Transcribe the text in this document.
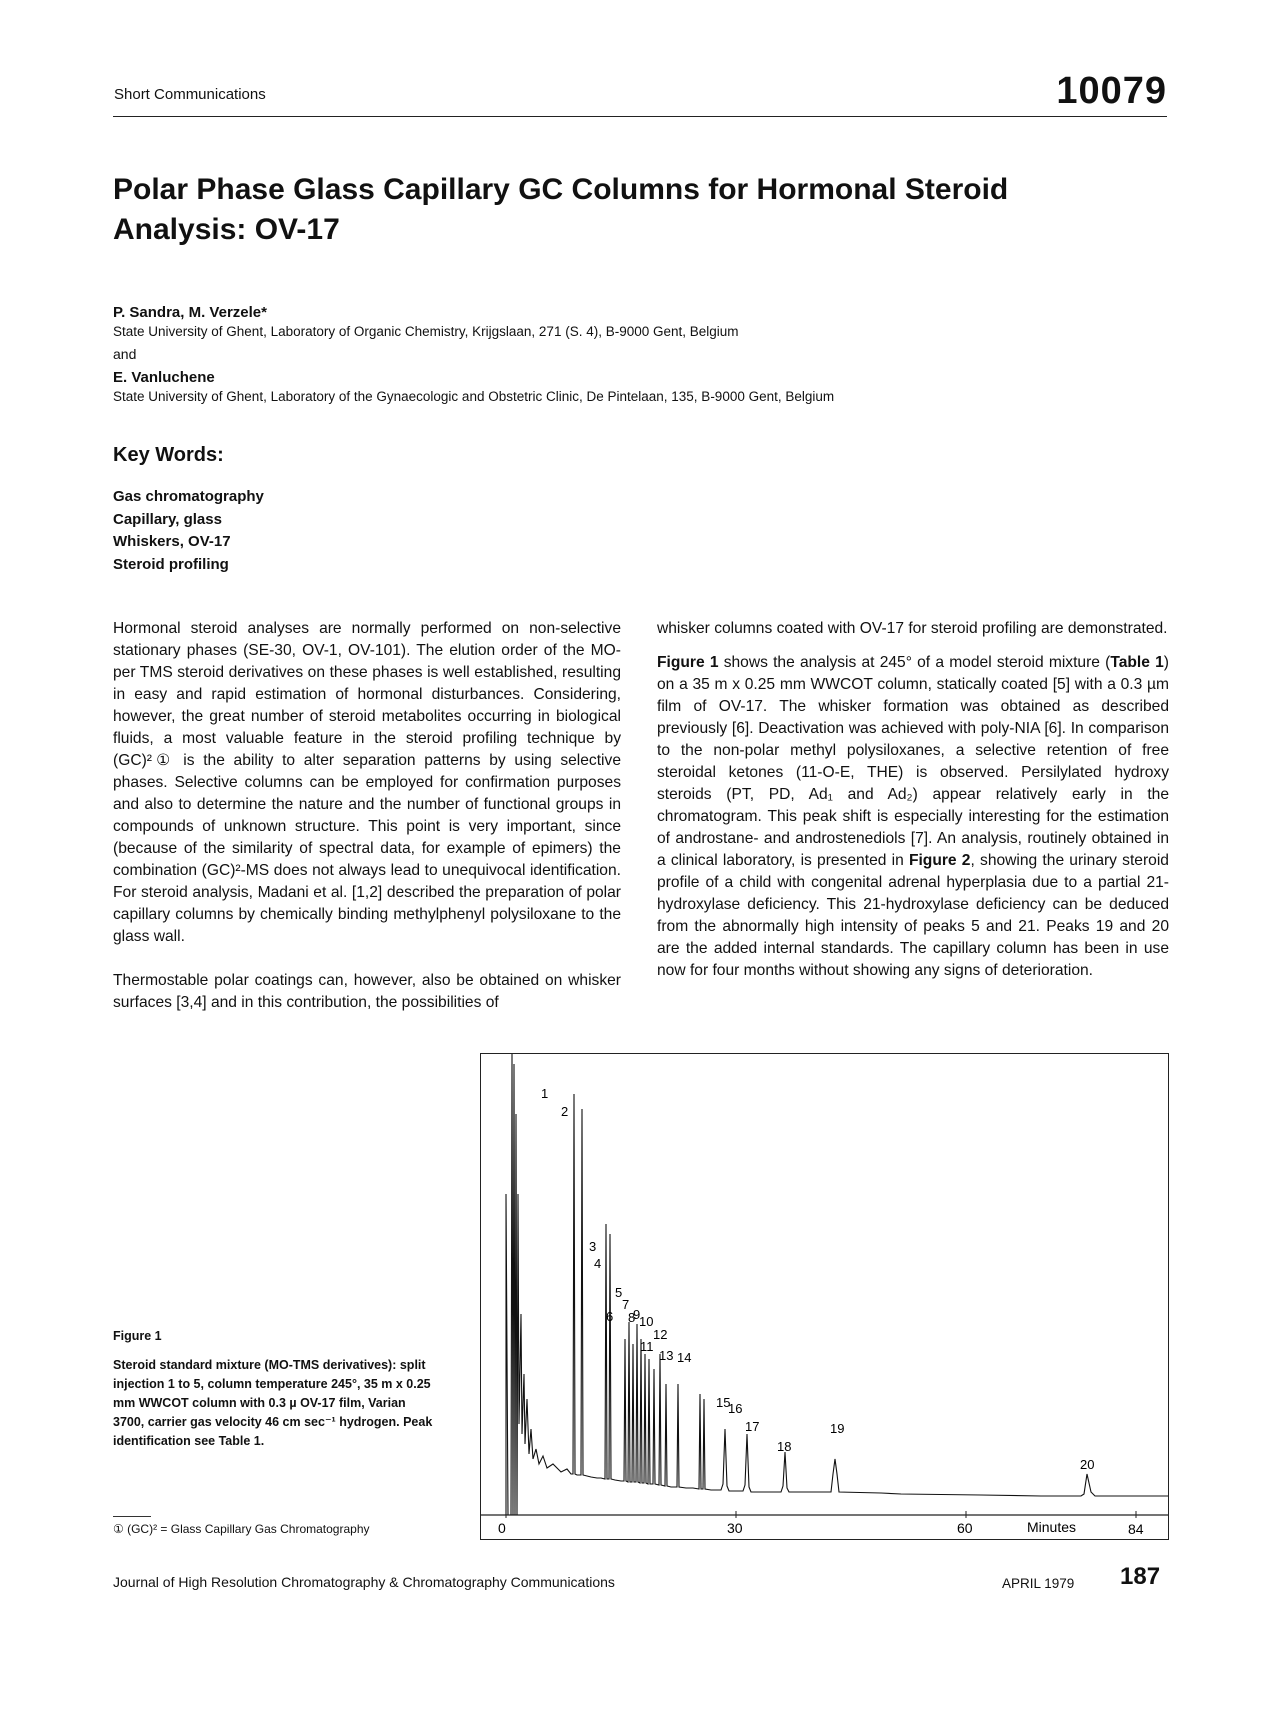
Short Communications	10079
Polar Phase Glass Capillary GC Columns for Hormonal Steroid Analysis: OV-17
P. Sandra, M. Verzele*
State University of Ghent, Laboratory of Organic Chemistry, Krijgslaan, 271 (S. 4), B-9000 Gent, Belgium
and
E. Vanluchene
State University of Ghent, Laboratory of the Gynaecologic and Obstetric Clinic, De Pintelaan, 135, B-9000 Gent, Belgium
Key Words:
Gas chromatography
Capillary, glass
Whiskers, OV-17
Steroid profiling

Hormonal steroid analyses are normally performed on non-selective stationary phases (SE-30, OV-1, OV-101). The elution order of the MO- per TMS steroid derivatives on these phases is well established, resulting in easy and rapid estimation of hormonal disturbances. Considering, however, the great number of steroid metabolites occurring in biological fluids, a most valuable feature in the steroid profiling technique by (GC)²① is the ability to alter separation patterns by using selective phases. Selective columns can be employed for confirmation purposes and also to determine the nature and the number of functional groups in compounds of unknown structure. This point is very important, since (because of the similarity of spectral data, for example of epimers) the combination (GC)²-MS does not always lead to unequivocal identification. For steroid analysis, Madani et al. [1,2] described the preparation of polar capillary columns by chemically binding methylphenyl polysiloxane to the glass wall.

Thermostable polar coatings can, however, also be obtained on whisker surfaces [3,4] and in this contribution, the possibilities of

whisker columns coated with OV-17 for steroid profiling are demonstrated.

Figure 1 shows the analysis at 245° of a model steroid mixture (Table 1) on a 35 m x 0.25 mm WWCOT column, statically coated [5] with a 0.3 µm film of OV-17. The whisker formation was obtained as described previously [6]. Deactivation was achieved with poly-NIA [6]. In comparison to the non-polar methyl polysiloxanes, a selective retention of free steroidal ketones (11-O-E, THE) is observed. Persilylated hydroxy steroids (PT, PD, Ad₁ and Ad₂) appear relatively early in the chromatogram. This peak shift is especially interesting for the estimation of androstane- and androstenediols [7]. An analysis, routinely obtained in a clinical laboratory, is presented in Figure 2, showing the urinary steroid profile of a child with congenital adrenal hyperplasia due to a partial 21-hydroxylase deficiency. This 21-hydroxylase deficiency can be deduced from the abnormally high intensity of peaks 5 and 21. Peaks 19 and 20 are the added internal standards. The capillary column has been in use now for four months without showing any signs of deterioration.

0	30	60	Minutes	84
1
2
3
4
5
6
7
8
9
10
11
12
13 14
15
16
17
18
19
20
Figure 1
Steroid standard mixture (MO-TMS derivatives): split injection 1 to 5, column temperature 245°, 35 m x 0.25 mm WWCOT column with 0.3 µ OV-17 film, Varian 3700, carrier gas velocity 46 cm sec⁻¹ hydrogen. Peak identification see Table 1.
① (GC)² = Glass Capillary Gas Chromatography
Journal of High Resolution Chromatography & Chromatography Communications	APRIL 1979 187
